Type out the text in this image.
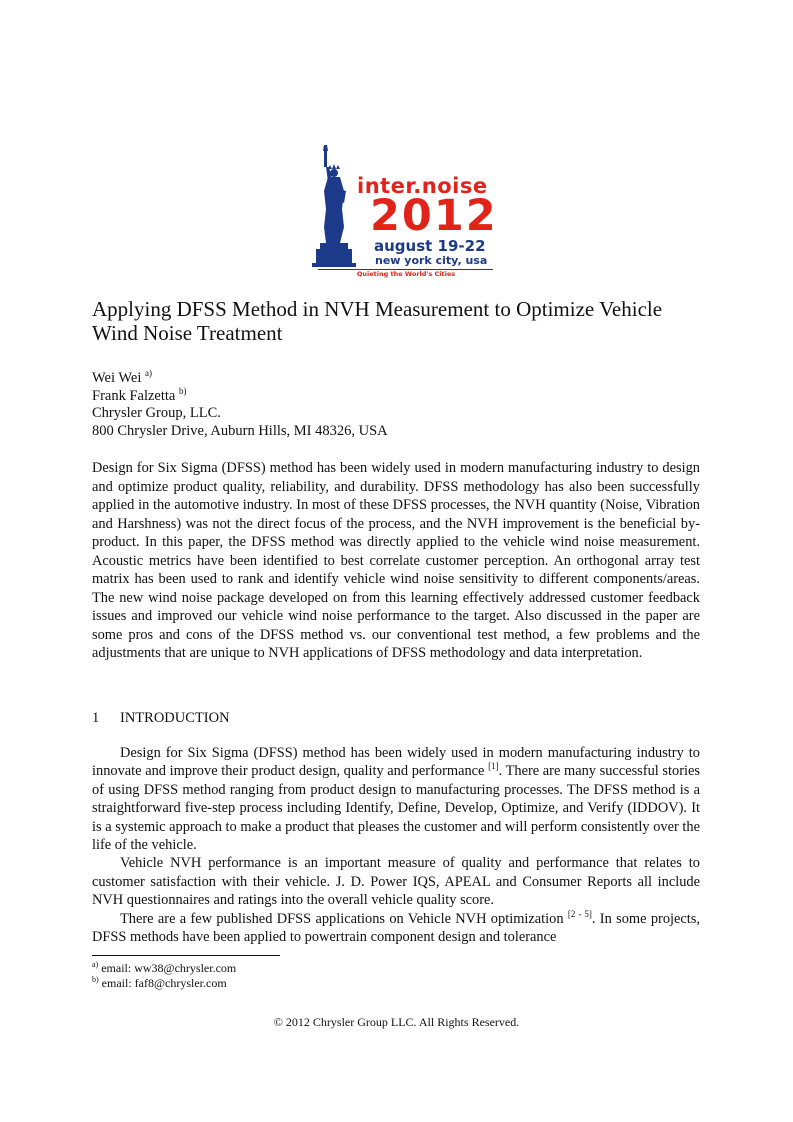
inter.noise
2012
august 19-22
new york city, usa
Quieting the World's Cities
Applying DFSS Method in NVH Measurement to Optimize Vehicle Wind Noise Treatment
Wei Wei $^{a)}$
Frank Falzetta $^{b)}$
Chrysler Group, LLC.
800 Chrysler Drive, Auburn Hills, MI 48326, USA

Design for Six Sigma (DFSS) method has been widely used in modern manufacturing industry to design and optimize product quality, reliability, and durability. DFSS methodology has also been successfully applied in the automotive industry. In most of these DFSS processes, the NVH quantity (Noise, Vibration and Harshness) was not the direct focus of the process, and the NVH improvement is the beneficial by-product. In this paper, the DFSS method was directly applied to the vehicle wind noise measurement. Acoustic metrics have been identified to best correlate customer perception. An orthogonal array test matrix has been used to rank and identify vehicle wind noise sensitivity to different components/areas. The new wind noise package developed on from this learning effectively addressed customer feedback issues and improved our vehicle wind noise performance to the target. Also discussed in the paper are some pros and cons of the DFSS method vs. our conventional test method, a few problems and the adjustments that are unique to NVH applications of DFSS methodology and data interpretation.

1 INTRODUCTION

Design for Six Sigma (DFSS) method has been widely used in modern manufacturing industry to innovate and improve their product design, quality and performance [1]. There are many successful stories of using DFSS method ranging from product design to manufacturing processes. The DFSS method is a straightforward five-step process including Identify, Define, Develop, Optimize, and Verify (IDDOV). It is a systemic approach to make a product that pleases the customer and will perform consistently over the life of the vehicle.

Vehicle NVH performance is an important measure of quality and performance that relates to customer satisfaction with their vehicle. J. D. Power IQS, APEAL and Consumer Reports all include NVH questionnaires and ratings into the overall vehicle quality score.

There are a few published DFSS applications on Vehicle NVH optimization [2 - 5]. In some projects, DFSS methods have been applied to powertrain component design and tolerance

$^{a)}$ email: ww38@chrysler.com
$^{b)}$ email: faf8@chrysler.com
© 2012 Chrysler Group LLC. All Rights Reserved.
